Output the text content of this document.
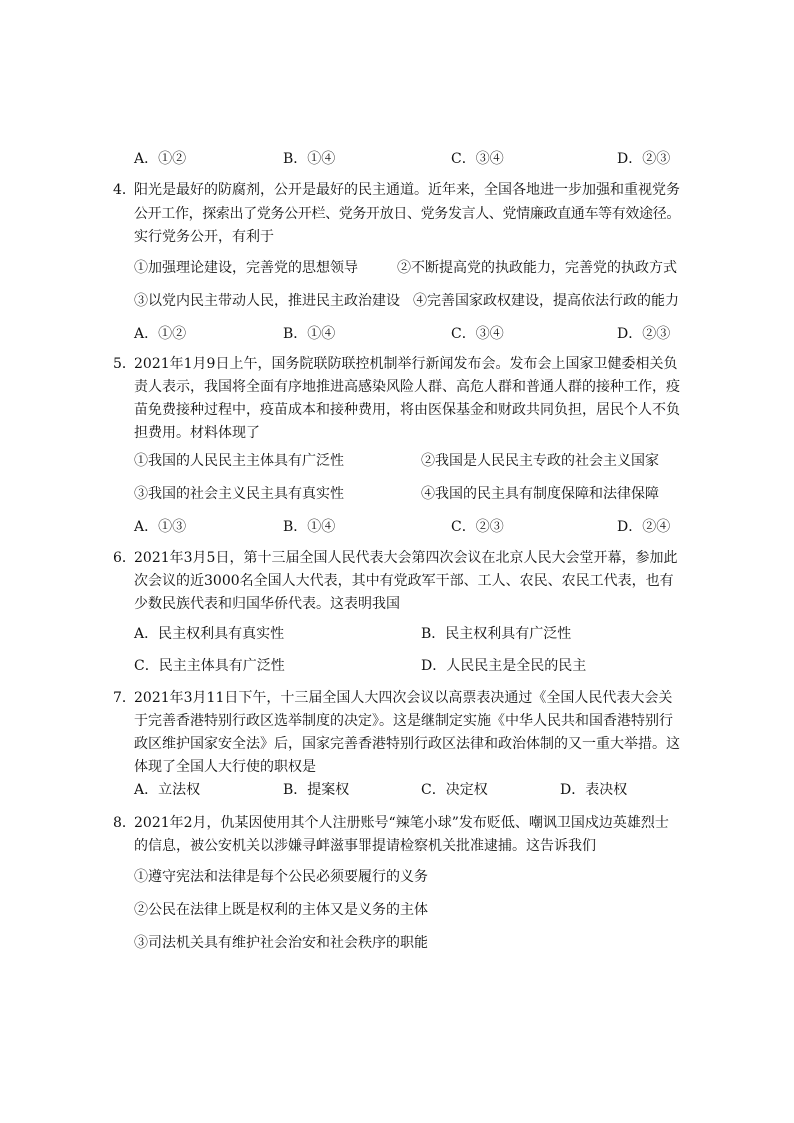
A．①②	B．①④	C．③④	D．②③
4．
阳光是最好的防腐剂，公开是最好的民主通道。近年来，全国各地进一步加强和重视党务
公开工作，探索出了党务公开栏、党务开放日、党务发言人、党情廉政直通车等有效途径。
实行党务公开，有利于
①加强理论建设，完善党的思想领导	②不断提高党的执政能力，完善党的执政方式
③以党内民主带动人民，推进民主政治建设 ④完善国家政权建设，提高依法行政的能力
A．①②	B．①④	C．③④	D．②③
5．
2021年1月9日上午，国务院联防联控机制举行新闻发布会。发布会上国家卫健委相关负
责人表示，我国将全面有序地推进高感染风险人群、高危人群和普通人群的接种工作，疫
苗免费接种过程中，疫苗成本和接种费用，将由医保基金和财政共同负担，居民个人不负
担费用。材料体现了
①我国的人民民主主体具有广泛性	②我国是人民民主专政的社会主义国家
③我国的社会主义民主具有真实性	④我国的民主具有制度保障和法律保障
A．①③	B．①④	C．②③	D．②④
6．
2021年3月5日，第十三届全国人民代表大会第四次会议在北京人民大会堂开幕，参加此
次会议的近3000名全国人大代表，其中有党政军干部、工人、农民、农民工代表，也有
少数民族代表和归国华侨代表。这表明我国
A．民主权利具有真实性	B．民主权利具有广泛性
C．民主主体具有广泛性	D．人民民主是全民的民主
7．
2021年3月11日下午，十三届全国人大四次会议以高票表决通过《全国人民代表大会关
于完善香港特别行政区选举制度的决定》。这是继制定实施《中华人民共和国香港特别行
政区维护国家安全法》后，国家完善香港特别行政区法律和政治体制的又一重大举措。这
体现了全国人大行使的职权是
A．立法权	B．提案权	C．决定权	D．表决权
8．
2021年2月，仇某因使用其个人注册账号“辣笔小球”发布贬低、嘲讽卫国戍边英雄烈士
的信息，被公安机关以涉嫌寻衅滋事罪提请检察机关批准逮捕。这告诉我们
①遵守宪法和法律是每个公民必须要履行的义务
②公民在法律上既是权利的主体又是义务的主体
③司法机关具有维护社会治安和社会秩序的职能
